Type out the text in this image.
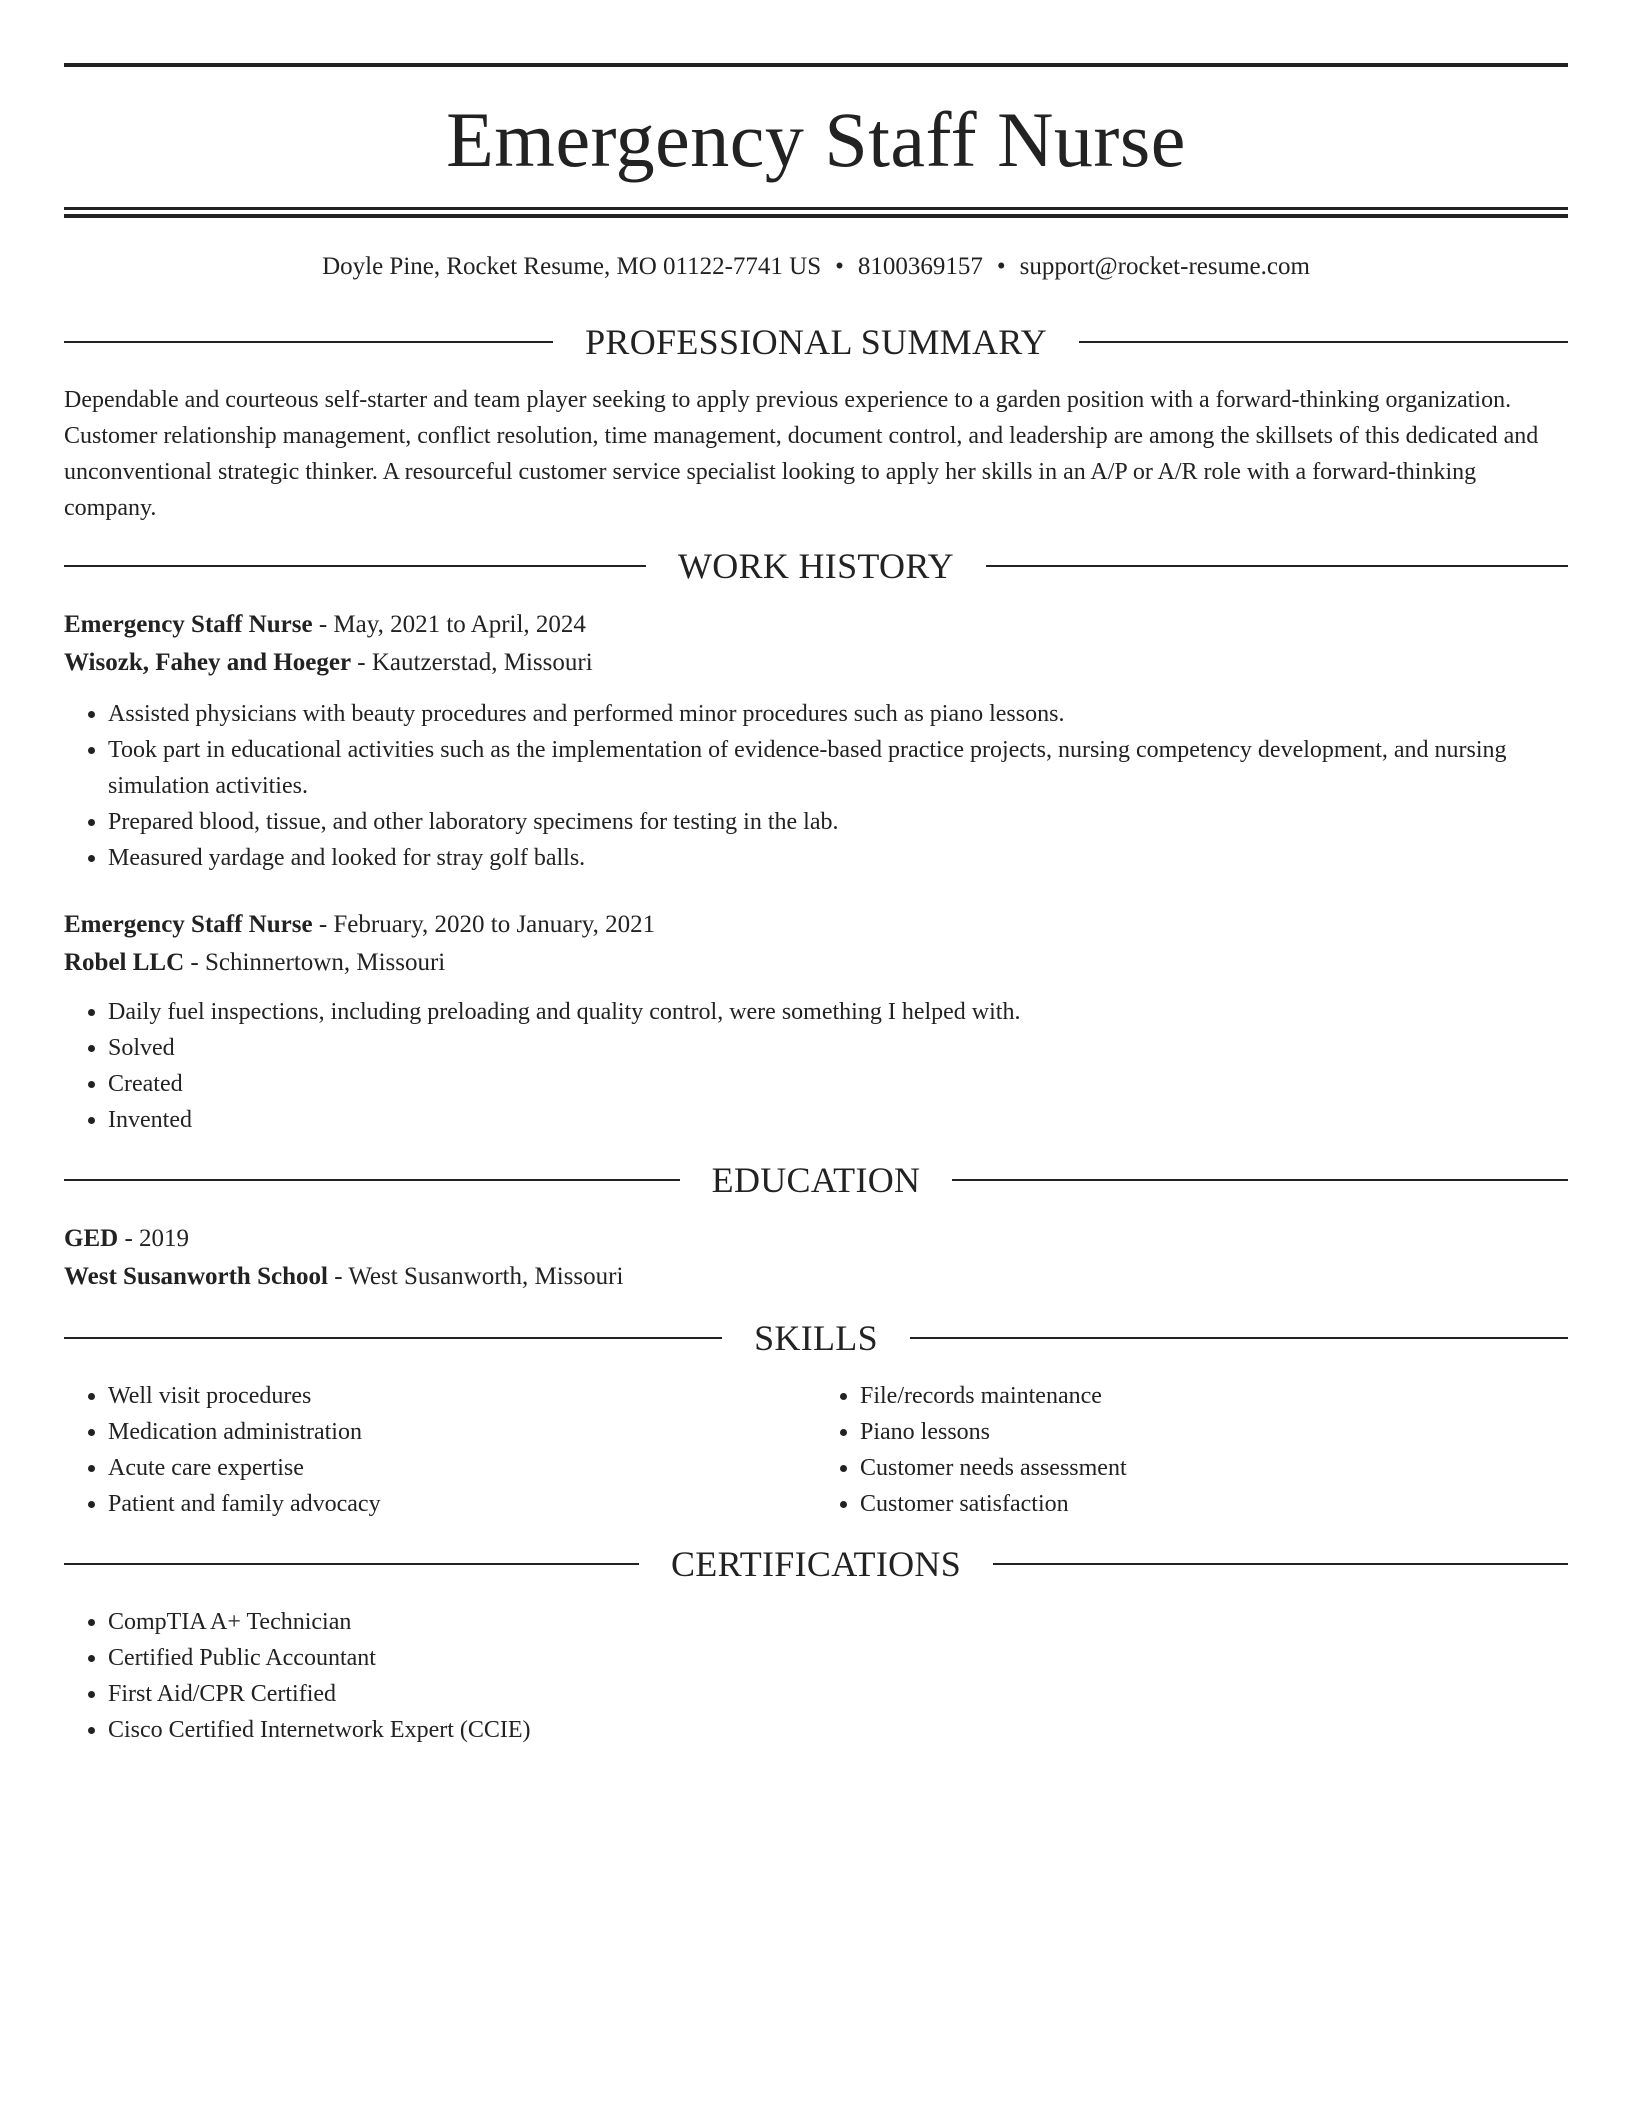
Emergency Staff Nurse
Doyle Pine, Rocket Resume, MO 01122-7741 US • 8100369157 • support@rocket-resume.com
PROFESSIONAL SUMMARY

Dependable and courteous self-starter and team player seeking to apply previous experience to a garden position with a forward-thinking organization. Customer relationship management, conflict resolution, time management, document control, and leadership are among the skillsets of this dedicated and unconventional strategic thinker. A resourceful customer service specialist looking to apply her skills in an A/P or A/R role with a forward-thinking company.

WORK HISTORY
Emergency Staff Nurse - May, 2021 to April, 2024
Wisozk, Fahey and Hoeger - Kautzerstad, Missouri
• Assisted physicians with beauty procedures and performed minor procedures such as piano lessons.
• Took part in educational activities such as the implementation of evidence-based practice projects, nursing competency development, and nursing simulation activities.
• Prepared blood, tissue, and other laboratory specimens for testing in the lab.
• Measured yardage and looked for stray golf balls.
Emergency Staff Nurse - February, 2020 to January, 2021
Robel LLC - Schinnertown, Missouri
• Daily fuel inspections, including preloading and quality control, were something I helped with.
• Solved
• Created
• Invented
EDUCATION
GED - 2019
West Susanworth School - West Susanworth, Missouri
SKILLS
• Well visit procedures
• Medication administration
• Acute care expertise
• Patient and family advocacy
• File/records maintenance
• Piano lessons
• Customer needs assessment
• Customer satisfaction
CERTIFICATIONS
• CompTIA A+ Technician
• Certified Public Accountant
• First Aid/CPR Certified
• Cisco Certified Internetwork Expert (CCIE)
